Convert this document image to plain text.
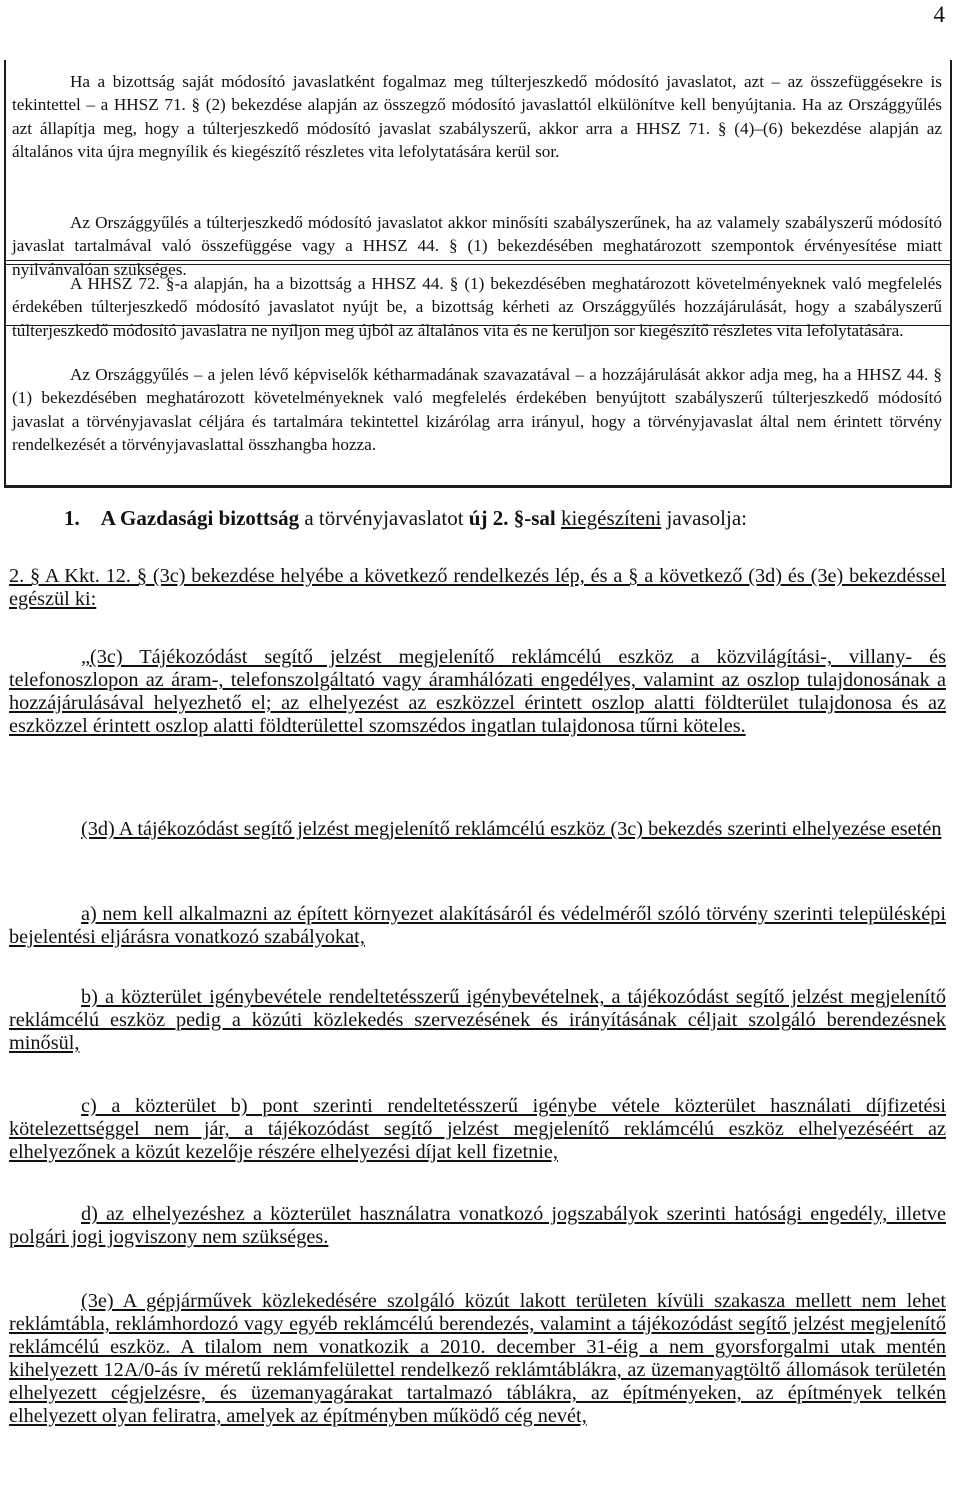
4
Ha a bizottság saját módosító javaslatként fogalmaz meg túlterjeszkedő módosító javaslatot, azt – az összefüggésekre is tekintettel – a HHSZ 71. § (2) bekezdése alapján az összegző módosító javaslattól elkülönítve kell benyújtania. Ha az Országgyűlés azt állapítja meg, hogy a túlterjeszkedő módosító javaslat szabályszerű, akkor arra a HHSZ 71. § (4)–(6) bekezdése alapján az általános vita újra megnyílik és kiegészítő részletes vita lefolytatására kerül sor.
Az Országgyűlés a túlterjeszkedő módosító javaslatot akkor minősíti szabályszerűnek, ha az valamely szabályszerű módosító javaslat tartalmával való összefüggése vagy a HHSZ 44. § (1) bekezdésében meghatározott szempontok érvényesítése miatt nyilvánvalóan szükséges.
A HHSZ 72. §-a alapján, ha a bizottság a HHSZ 44. § (1) bekezdésében meghatározott követelményeknek való megfelelés érdekében túlterjeszkedő módosító javaslatot nyújt be, a bizottság kérheti az Országgyűlés hozzájárulását, hogy a szabályszerű túlterjeszkedő módosító javaslatra ne nyíljon meg újból az általános vita és ne kerüljön sor kiegészítő részletes vita lefolytatására.
Az Országgyűlés – a jelen lévő képviselők kétharmadának szavazatával – a hozzájárulását akkor adja meg, ha a HHSZ 44. § (1) bekezdésében meghatározott követelményeknek való megfelelés érdekében benyújtott szabályszerű túlterjeszkedő módosító javaslat a törvényjavaslat céljára és tartalmára tekintettel kizárólag arra irányul, hogy a törvényjavaslat által nem érintett törvény rendelkezését a törvényjavaslattal összhangba hozza.
1. A Gazdasági bizottság a törvényjavaslatot új 2. §-sal kiegészíteni javasolja:
2. § A Kkt. 12. § (3c) bekezdése helyébe a következő rendelkezés lép, és a § a következő (3d) és (3e) bekezdéssel egészül ki:
„(3c) Tájékozódást segítő jelzést megjelenítő reklámcélú eszköz a közvilágítási-, villany- és telefonoszlopon az áram-, telefonszolgáltató vagy áramhálózati engedélyes, valamint az oszlop tulajdonosának a hozzájárulásával helyezhető el; az elhelyezést az eszközzel érintett oszlop alatti földterület tulajdonosa és az eszközzel érintett oszlop alatti földterülettel szomszédos ingatlan tulajdonosa tűrni köteles.
(3d) A tájékozódást segítő jelzést megjelenítő reklámcélú eszköz (3c) bekezdés szerinti elhelyezése esetén
a) nem kell alkalmazni az épített környezet alakításáról és védelméről szóló törvény szerinti településképi bejelentési eljárásra vonatkozó szabályokat,
b) a közterület igénybevétele rendeltetésszerű igénybevételnek, a tájékozódást segítő jelzést megjelenítő reklámcélú eszköz pedig a közúti közlekedés szervezésének és irányításának céljait szolgáló berendezésnek minősül,
c) a közterület b) pont szerinti rendeltetésszerű igénybe vétele közterület használati díjfizetési kötelezettséggel nem jár, a tájékozódást segítő jelzést megjelenítő reklámcélú eszköz elhelyezéséért az elhelyezőnek a közút kezelője részére elhelyezési díjat kell fizetnie,
d) az elhelyezéshez a közterület használatra vonatkozó jogszabályok szerinti hatósági engedély, illetve polgári jogi jogviszony nem szükséges.
(3e) A gépjárművek közlekedésére szolgáló közút lakott területen kívüli szakasza mellett nem lehet reklámtábla, reklámhordozó vagy egyéb reklámcélú berendezés, valamint a tájékozódást segítő jelzést megjelenítő reklámcélú eszköz. A tilalom nem vonatkozik a 2010. december 31-éig a nem gyorsforgalmi utak mentén kihelyezett 12A/0-ás ív méretű reklámfelülettel rendelkező reklámtáblákra, az üzemanyagtöltő állomások területén elhelyezett cégjelzésre, és üzemanyagárakat tartalmazó táblákra, az építményeken, az építmények telkén elhelyezett olyan feliratra, amelyek az építményben működő cég nevét,
